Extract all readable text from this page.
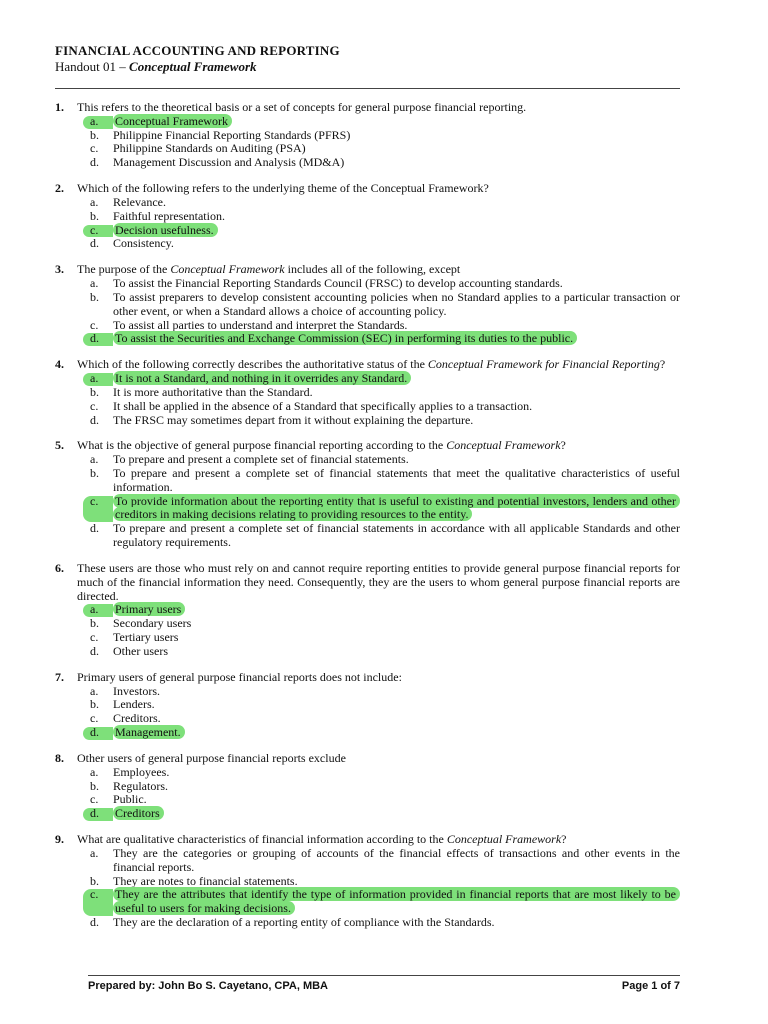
FINANCIAL ACCOUNTING AND REPORTING
Handout 01 – Conceptual Framework
1.	This refers to the theoretical basis or a set of concepts for general purpose financial reporting.
a.	Conceptual Framework
b.	Philippine Financial Reporting Standards (PFRS)
c.	Philippine Standards on Auditing (PSA)
d.	Management Discussion and Analysis (MD&A)
2.	Which of the following refers to the underlying theme of the Conceptual Framework?
a.	Relevance.
b.	Faithful representation.
c.	Decision usefulness.
d.	Consistency.
3.	The purpose of the Conceptual Framework includes all of the following, except
a.	To assist the Financial Reporting Standards Council (FRSC) to develop accounting standards.
b.	To assist preparers to develop consistent accounting policies when no Standard applies to a particular transaction or other event, or when a Standard allows a choice of accounting policy.
c.	To assist all parties to understand and interpret the Standards.
d.	To assist the Securities and Exchange Commission (SEC) in performing its duties to the public.
4.	Which of the following correctly describes the authoritative status of the Conceptual Framework for Financial Reporting?
a.	It is not a Standard, and nothing in it overrides any Standard.
b.	It is more authoritative than the Standard.
c.	It shall be applied in the absence of a Standard that specifically applies to a transaction.
d.	The FRSC may sometimes depart from it without explaining the departure.
5.	What is the objective of general purpose financial reporting according to the Conceptual Framework?
a.	To prepare and present a complete set of financial statements.
b.	To prepare and present a complete set of financial statements that meet the qualitative characteristics of useful information.
c.	To provide information about the reporting entity that is useful to existing and potential investors, lenders and other creditors in making decisions relating to providing resources to the entity.
d.	To prepare and present a complete set of financial statements in accordance with all applicable Standards and other regulatory requirements.
6.	These users are those who must rely on and cannot require reporting entities to provide general purpose financial reports for much of the financial information they need. Consequently, they are the users to whom general purpose financial reports are directed.
a.	Primary users
b.	Secondary users
c.	Tertiary users
d.	Other users
7.	Primary users of general purpose financial reports does not include:
a.	Investors.
b.	Lenders.
c.	Creditors.
d.	Management.
8.	Other users of general purpose financial reports exclude
a.	Employees.
b.	Regulators.
c.	Public.
d.	Creditors
9.	What are qualitative characteristics of financial information according to the Conceptual Framework?
a.	They are the categories or grouping of accounts of the financial effects of transactions and other events in the financial reports.
b.	They are notes to financial statements.
c.	They are the attributes that identify the type of information provided in financial reports that are most likely to be useful to users for making decisions.
d.	They are the declaration of a reporting entity of compliance with the Standards.
Prepared by: John Bo S. Cayetano, CPA, MBA	Page 1 of 7
